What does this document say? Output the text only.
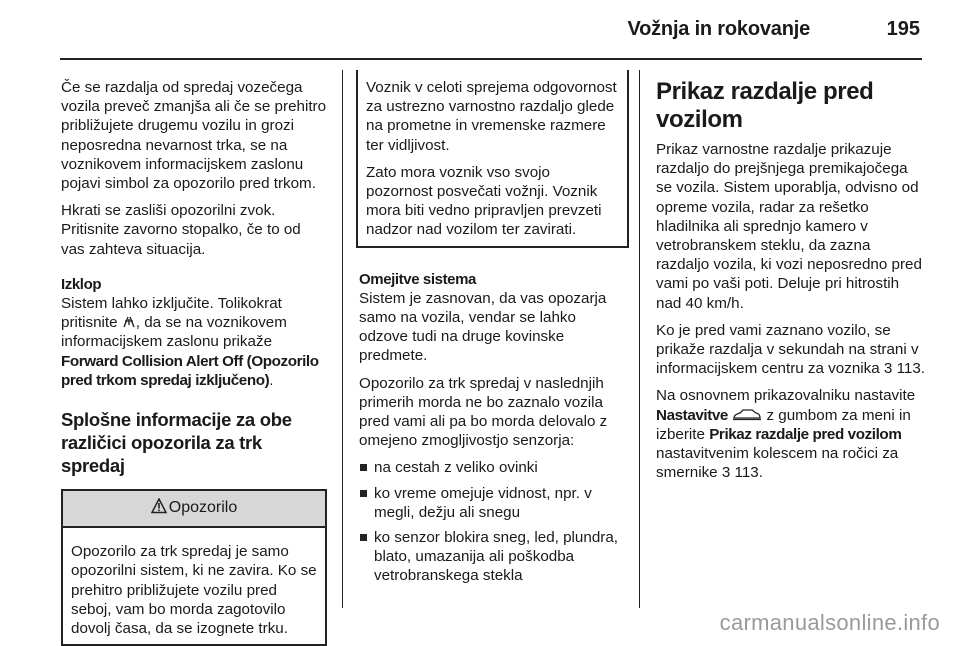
Vožnja in rokovanje	195

Če se razdalja od spredaj vozečega vozila preveč zmanjša ali če se prehitro približujete drugemu vozilu in grozi neposredna nevarnost trka, se na voznikovem informacijskem zaslonu pojavi simbol za opozorilo pred trkom.

Hkrati se zasliši opozorilni zvok. Pritisnite zavorno stopalko, če to od vas zahteva situacija.

Izklop

Sistem lahko izključite. Tolikokrat pritisnite , da se na voznikovem informacijskem zaslonu prikaže Forward Collision Alert Off (Opozorilo pred trkom spredaj izključeno).

Splošne informacije za obe različici opozorila za trk spredaj
Opozorilo
Opozorilo za trk spredaj je samo opozorilni sistem, ki ne zavira. Ko se prehitro približujete vozilu pred seboj, vam bo morda zagotovilo dovolj časa, da se izognete trku.

Voznik v celoti sprejema odgovornost za ustrezno varnostno razdaljo glede na prometne in vremenske razmere ter vidljivost.

Zato mora voznik vso svojo pozornost posvečati vožnji. Voznik mora biti vedno pripravljen prevzeti nadzor nad vozilom ter zavirati.

Omejitve sistema

Sistem je zasnovan, da vas opozarja samo na vozila, vendar se lahko odzove tudi na druge kovinske predmete.

Opozorilo za trk spredaj v naslednjih primerih morda ne bo zaznalo vozila pred vami ali pa bo morda delovalo z omejeno zmogljivostjo senzorja:

na cestah z veliko ovinki
ko vreme omejuje vidnost, npr. v megli, dežju ali snegu
ko senzor blokira sneg, led, plundra, blato, umazanija ali poškodba vetrobranskega stekla
Prikaz razdalje pred vozilom

Prikaz varnostne razdalje prikazuje razdaljo do prejšnjega premikajočega se vozila. Sistem uporablja, odvisno od opreme vozila, radar za rešetko hladilnika ali sprednjo kamero v vetrobranskem steklu, da zazna razdaljo vozila, ki vozi neposredno pred vami po vaši poti. Deluje pri hitrostih nad 40 km/h.

Ko je pred vami zaznano vozilo, se prikaže razdalja v sekundah na strani v informacijskem centru za voznika 3 113.

Na osnovnem prikazovalniku nastavite Nastavitve	z gumbom za meni in izberite Prikaz razdalje pred vozilom nastavitvenim kolescem na ročici za smernike 3 113.

carmanualsonline.info
